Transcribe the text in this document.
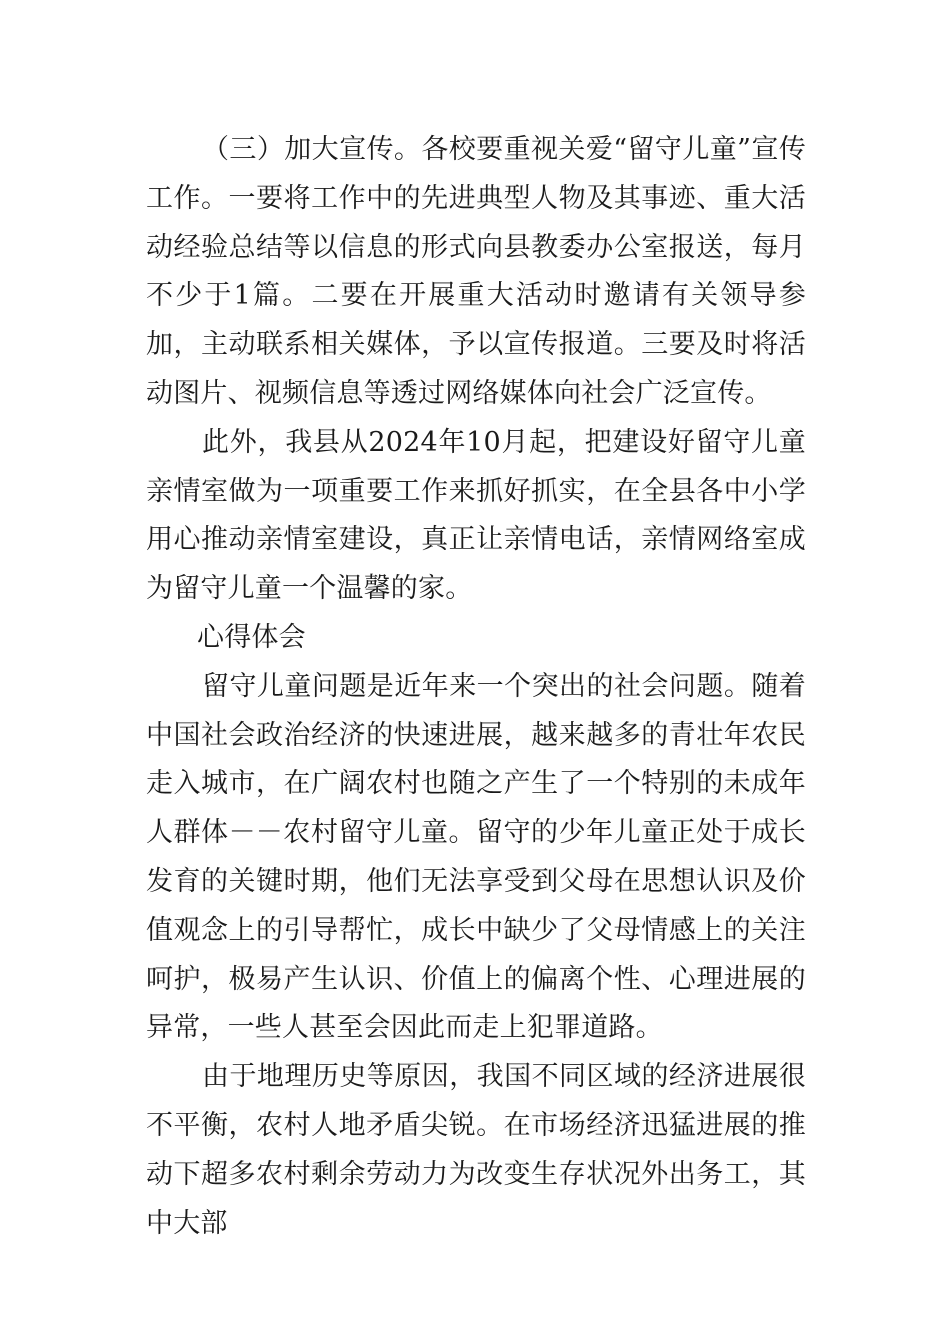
（三）加大宣传。各校要重视关爱“留守儿童”宣传工作。一要将工作中的先进典型人物及其事迹、重大活动经验总结等以信息的形式向县教委办公室报送，每月不少于1篇。二要在开展重大活动时邀请有关领导参加，主动联系相关媒体，予以宣传报道。三要及时将活动图片、视频信息等透过网络媒体向社会广泛宣传。

此外，我县从2024年10月起，把建设好留守儿童亲情室做为一项重要工作来抓好抓实，在全县各中小学用心推动亲情室建设，真正让亲情电话，亲情网络室成为留守儿童一个温馨的家。

心得体会

留守儿童问题是近年来一个突出的社会问题。随着中国社会政治经济的快速进展，越来越多的青壮年农民走入城市，在广阔农村也随之产生了一个特别的未成年人群体－－农村留守儿童。留守的少年儿童正处于成长发育的关键时期，他们无法享受到父母在思想认识及价值观念上的引导帮忙，成长中缺少了父母情感上的关注呵护，极易产生认识、价值上的偏离个性、心理进展的异常，一些人甚至会因此而走上犯罪道路。

由于地理历史等原因，我国不同区域的经济进展很不平衡，农村人地矛盾尖锐。在市场经济迅猛进展的推动下超多农村剩余劳动力为改变生存状况外出务工，其中大部
